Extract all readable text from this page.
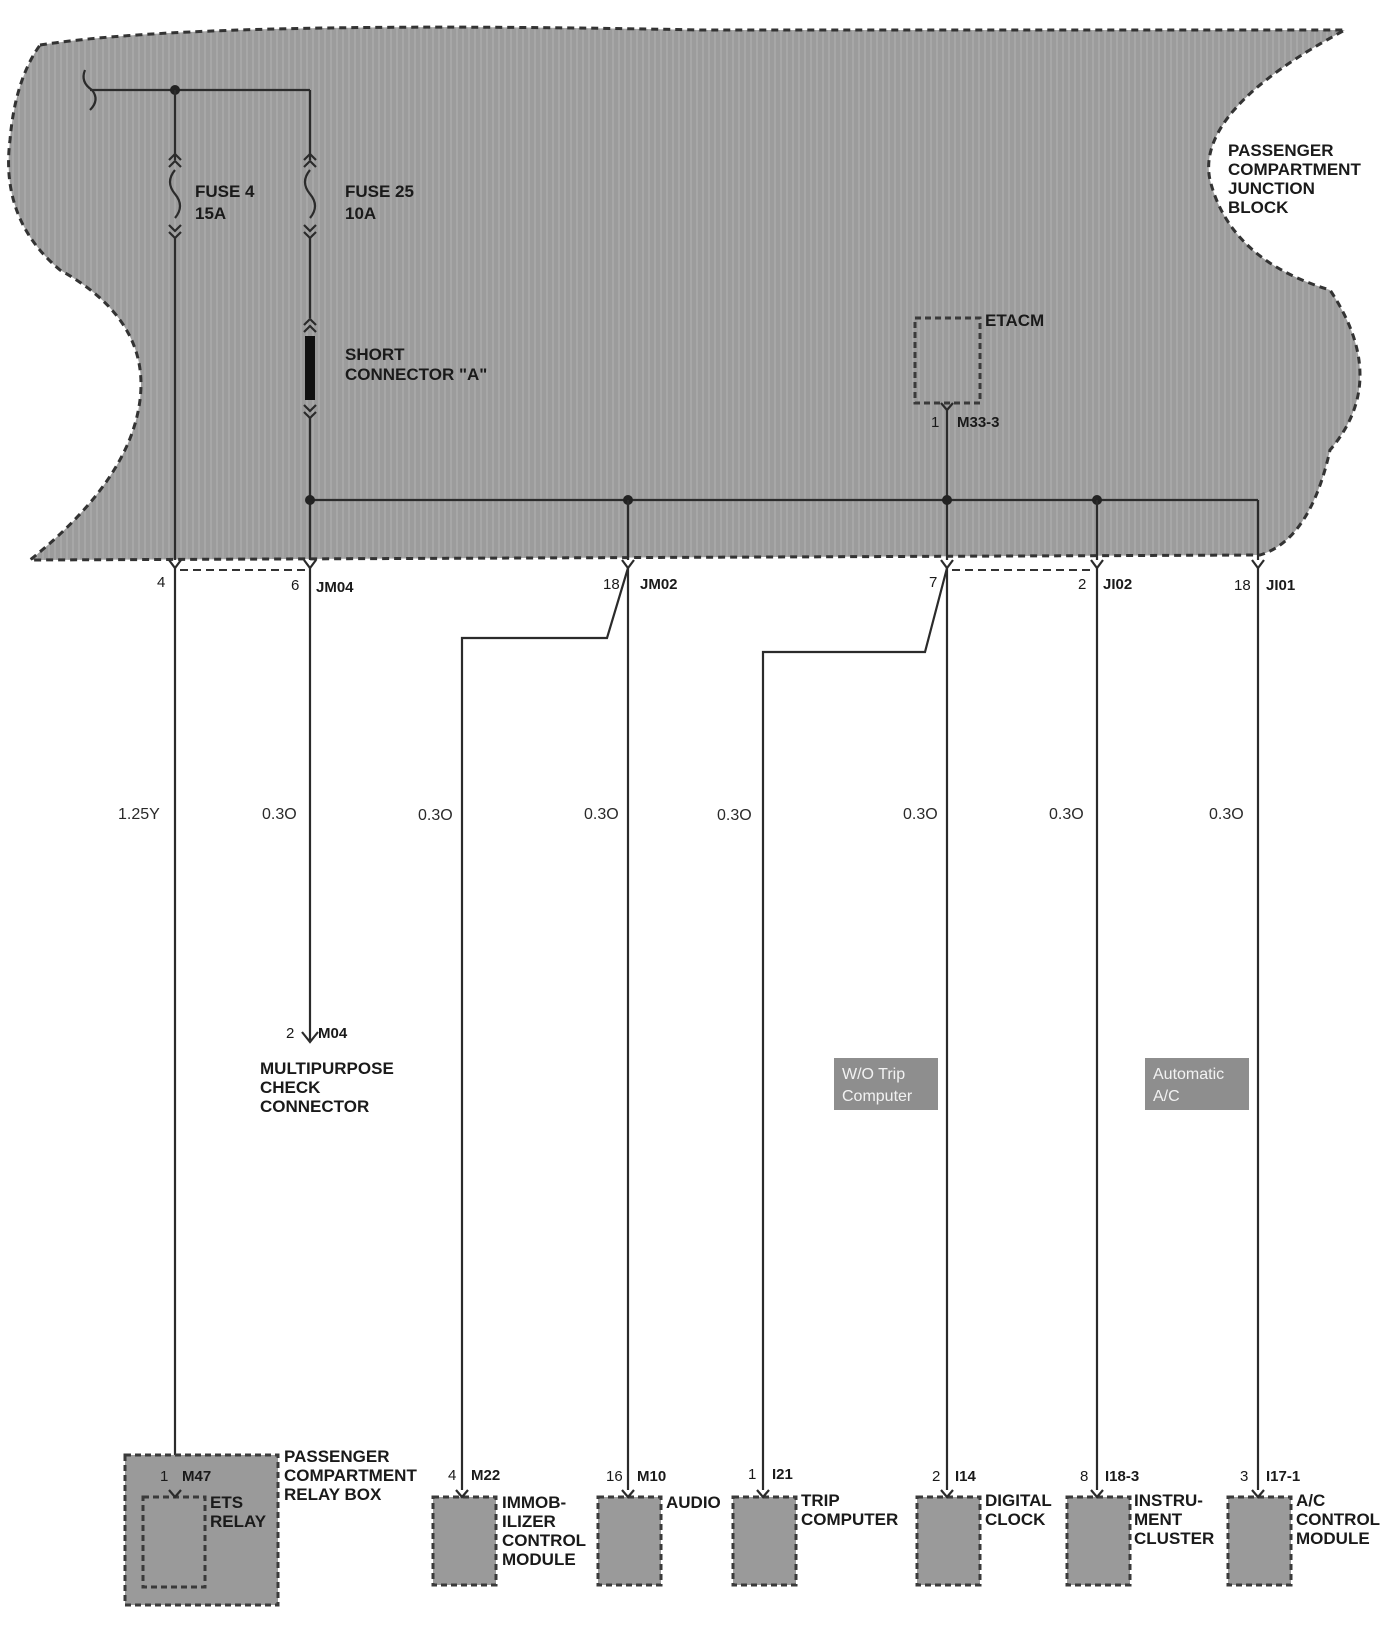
PASSENGER COMPARTMENT JUNCTION BLOCK
FUSE 4 15A
FUSE 25 10A
SHORT CONNECTOR "A"
ETACM
1 M33-3
4	6 JM04	18 JM02	7	2 JI02	18 JI01
1.25Y	0.3O	0.3O	0.3O	0.3O	0.3O	0.3O	0.3O
2 M04
MULTIPURPOSE CHECK CONNECTOR
W/O Trip Computer
Automatic A/C
1 M47
PASSENGER COMPARTMENT RELAY BOX
ETS RELAY
4 M22
IMMOB- ILIZER CONTROL MODULE
16 M10
AUDIO
1 I21
TRIP COMPUTER
2 I14
DIGITAL CLOCK
8 I18-3
INSTRU- MENT CLUSTER
3 I17-1
A/C CONTROL MODULE
